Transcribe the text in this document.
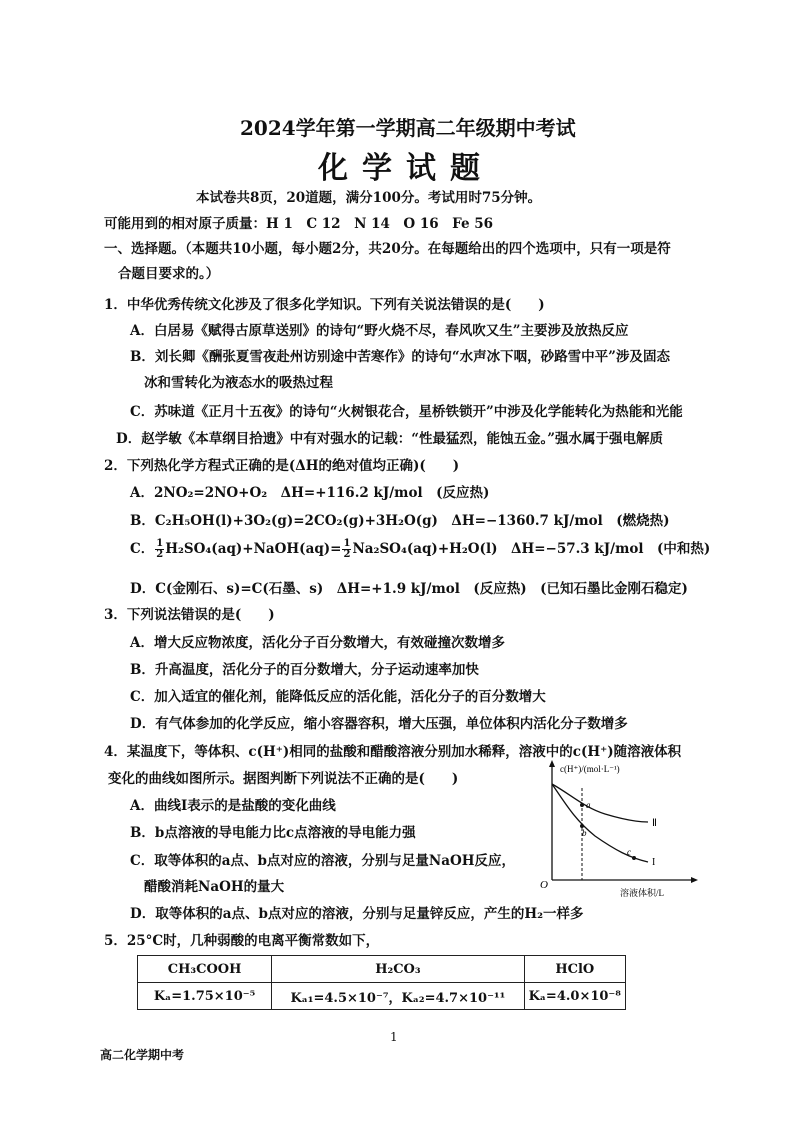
2024学年第一学期高二年级期中考试
化学试题
本试卷共8页，20道题，满分100分。考试用时75分钟。
可能用到的相对原子质量：H 1　C 12　N 14　O 16　Fe 56
一、选择题。（本题共10小题，每小题2分，共20分。在每题给出的四个选项中，只有一项是符
合题目要求的。）
1．中华优秀传统文化涉及了很多化学知识。下列有关说法错误的是(　　)
A．白居易《赋得古原草送别》的诗句“野火烧不尽，春风吹又生”主要涉及放热反应
B．刘长卿《酬张夏雪夜赴州访别途中苦寒作》的诗句“水声冰下咽，砂路雪中平”涉及固态
冰和雪转化为液态水的吸热过程
C．苏味道《正月十五夜》的诗句“火树银花合，星桥铁锁开”中涉及化学能转化为热能和光能
D．赵学敏《本草纲目拾遗》中有对强水的记载：“性最猛烈，能蚀五金。”强水属于强电解质
2．下列热化学方程式正确的是(ΔH的绝对值均正确)(　　)
A．2NO₂=2NO+O₂　ΔH=+116.2 kJ/mol　(反应热)
B．C₂H₅OH(l)+3O₂(g)=2CO₂(g)+3H₂O(g)　ΔH=−1360.7 kJ/mol　(燃烧热)
C． $\frac{1}{2}$ H₂SO₄(aq)+NaOH(aq)= $\frac{1}{2} Na_2SO_4(aq)+H_2O(l)$　ΔH=−57.3 kJ/mol　(中和热)
D．C(金刚石、s)=C(石墨、s)　ΔH=+1.9 kJ/mol　(反应热)　(已知石墨比金刚石稳定)
3．下列说法错误的是(　　)
A．增大反应物浓度，活化分子百分数增大，有效碰撞次数增多
B．升高温度，活化分子的百分数增大，分子运动速率加快
C．加入适宜的催化剂，能降低反应的活化能，活化分子的百分数增大
D．有气体参加的化学反应，缩小容器容积，增大压强，单位体积内活化分子数增多
4．某温度下，等体积、c(H⁺)相同的盐酸和醋酸溶液分别加水稀释，溶液中的c(H⁺)随溶液体积
变化的曲线如图所示。据图判断下列说法不正确的是(　　)
A．曲线I表示的是盐酸的变化曲线
B．b点溶液的导电能力比c点溶液的导电能力强
C．取等体积的a点、b点对应的溶液，分别与足量NaOH反应，
醋酸消耗NaOH的量大
D．取等体积的a点、b点对应的溶液，分别与足量锌反应，产生的H₂一样多
c(H⁺)/(mol·L⁻¹)
溶液体积/L
O
a
b
c
Ⅱ
I
5．25°C时，几种弱酸的电离平衡常数如下，
CH₃COOH	H₂CO₃	HClO
Kₐ=1.75×10⁻⁵	Kₐ₁=4.5×10⁻⁷，Kₐ₂=4.7×10⁻¹¹	Kₐ=4.0×10⁻⁸
1
高二化学期中考
